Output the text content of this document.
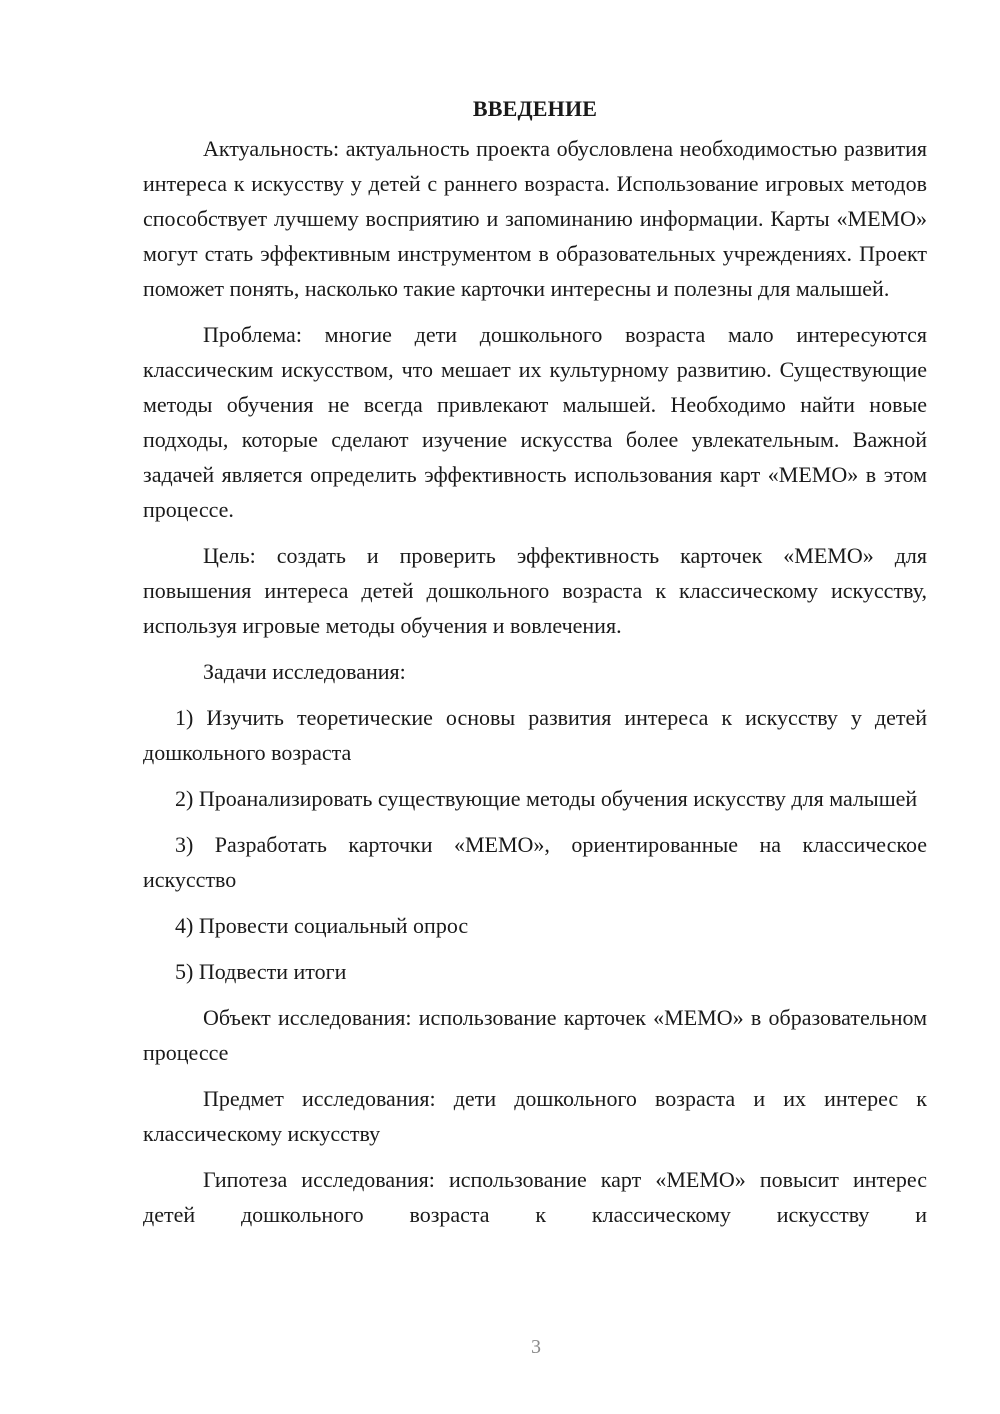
ВВЕДЕНИЕ

Актуальность: актуальность проекта обусловлена необходимостью развития интереса к искусству у детей с раннего возраста. Использование игровых методов способствует лучшему восприятию и запоминанию информации. Карты «МЕМО» могут стать эффективным инструментом в образовательных учреждениях. Проект поможет понять, насколько такие карточки интересны и полезны для малышей.

Проблема: многие дети дошкольного возраста мало интересуются классическим искусством, что мешает их культурному развитию. Существующие методы обучения не всегда привлекают малышей. Необходимо найти новые подходы, которые сделают изучение искусства более увлекательным. Важной задачей является определить эффективность использования карт «МЕМО» в этом процессе.

Цель: создать и проверить эффективность карточек «МЕМО» для повышения интереса детей дошкольного возраста к классическому искусству, используя игровые методы обучения и вовлечения.

Задачи исследования:

1) Изучить теоретические основы развития интереса к искусству у детей дошкольного возраста

2) Проанализировать существующие методы обучения искусству для малышей

3) Разработать карточки «МЕМО», ориентированные на классическое искусство

4) Провести социальный опрос

5) Подвести итоги

Объект исследования: использование карточек «МЕМО» в образовательном процессе

Предмет исследования: дети дошкольного возраста и их интерес к классическому искусству

Гипотеза исследования: использование карт «МЕМО» повысит интерес детей дошкольного возраста к классическому искусству и

3
